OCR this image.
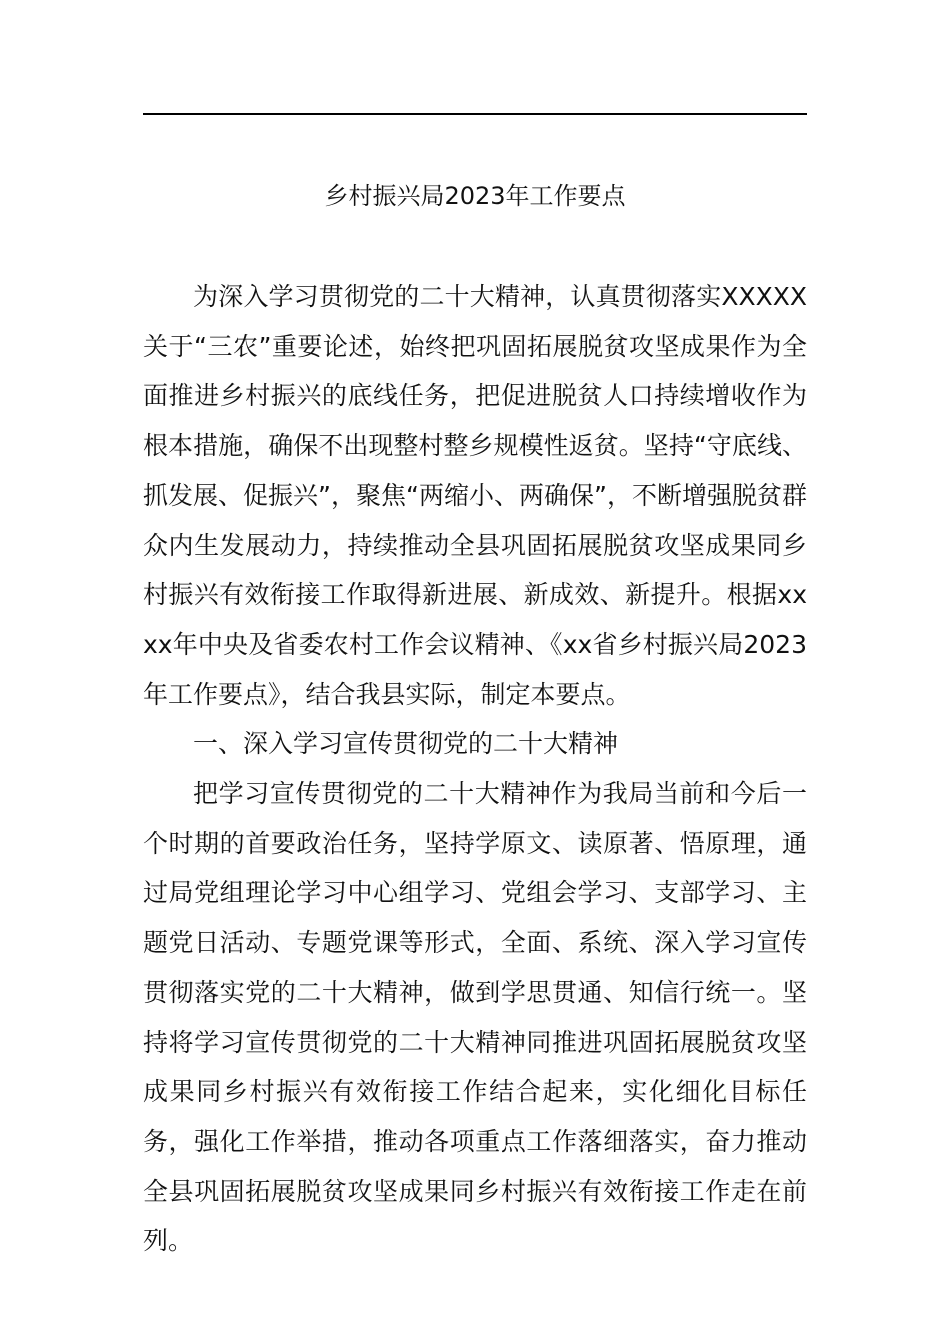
乡村振兴局2023年工作要点

为深入学习贯彻党的二十大精神，认真贯彻落实XXXXX关于“三农”重要论述，始终把巩固拓展脱贫攻坚成果作为全面推进乡村振兴的底线任务，把促进脱贫人口持续增收作为根本措施，确保不出现整村整乡规模性返贫。坚持“守底线、抓发展、促振兴”，聚焦“两缩小、两确保”，不断增强脱贫群众内生发展动力，持续推动全县巩固拓展脱贫攻坚成果同乡村振兴有效衔接工作取得新进展、新成效、新提升。根据xxxx年中央及省委农村工作会议精神、《xx省乡村振兴局2023年工作要点》，结合我县实际，制定本要点。

一、深入学习宣传贯彻党的二十大精神

把学习宣传贯彻党的二十大精神作为我局当前和今后一个时期的首要政治任务，坚持学原文、读原著、悟原理，通过局党组理论学习中心组学习、党组会学习、支部学习、主题党日活动、专题党课等形式，全面、系统、深入学习宣传贯彻落实党的二十大精神，做到学思贯通、知信行统一。坚持将学习宣传贯彻党的二十大精神同推进巩固拓展脱贫攻坚成果同乡村振兴有效衔接工作结合起来，实化细化目标任务，强化工作举措，推动各项重点工作落细落实，奋力推动全县巩固拓展脱贫攻坚成果同乡村振兴有效衔接工作走在前列。
